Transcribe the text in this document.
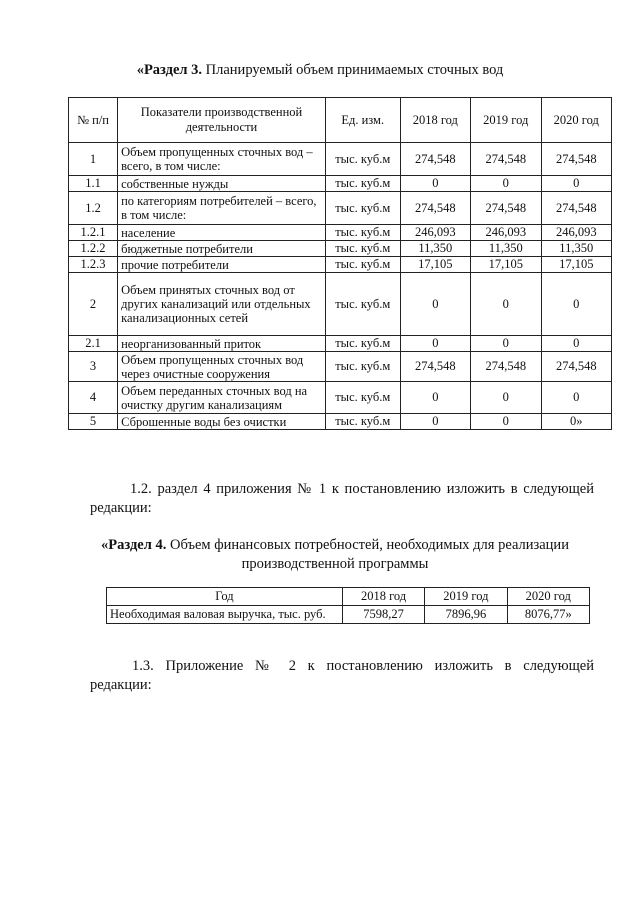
«Раздел 3. Планируемый объем принимаемых сточных вод
№ п/п	Показатели производственной деятельности	Ед. изм.	2018 год	2019 год	2020 год
1	Объем пропущенных сточных вод – всего, в том числе:	тыс. куб.м	274,548	274,548	274,548
1.1	собственные нужды	тыс. куб.м	0	0	0
1.2	по категориям потребителей – всего, в том числе:	тыс. куб.м	274,548	274,548	274,548
1.2.1	население	тыс. куб.м	246,093	246,093	246,093
1.2.2	бюджетные потребители	тыс. куб.м	11,350	11,350	11,350
1.2.3	прочие потребители	тыс. куб.м	17,105	17,105	17,105
2	Объем принятых сточных вод от других канализаций или отдельных канализационных сетей	тыс. куб.м	0	0	0
2.1	неорганизованный приток	тыс. куб.м	0	0	0
3	Объем пропущенных сточных вод через очистные сооружения	тыс. куб.м	274,548	274,548	274,548
4	Объем переданных сточных вод на очистку другим канализациям	тыс. куб.м	0	0	0
5	Сброшенные воды без очистки	тыс. куб.м	0	0	0»
1.2. раздел 4 приложения № 1 к постановлению изложить в следующей
редакции:
«Раздел 4. Объем финансовых потребностей, необходимых для реализации производственной программы
Год	2018 год	2019 год	2020 год
Необходимая валовая выручка, тыс. руб.	7598,27	7896,96	8076,77»
1.3. Приложение № 2 к постановлению изложить в следующей
редакции:
